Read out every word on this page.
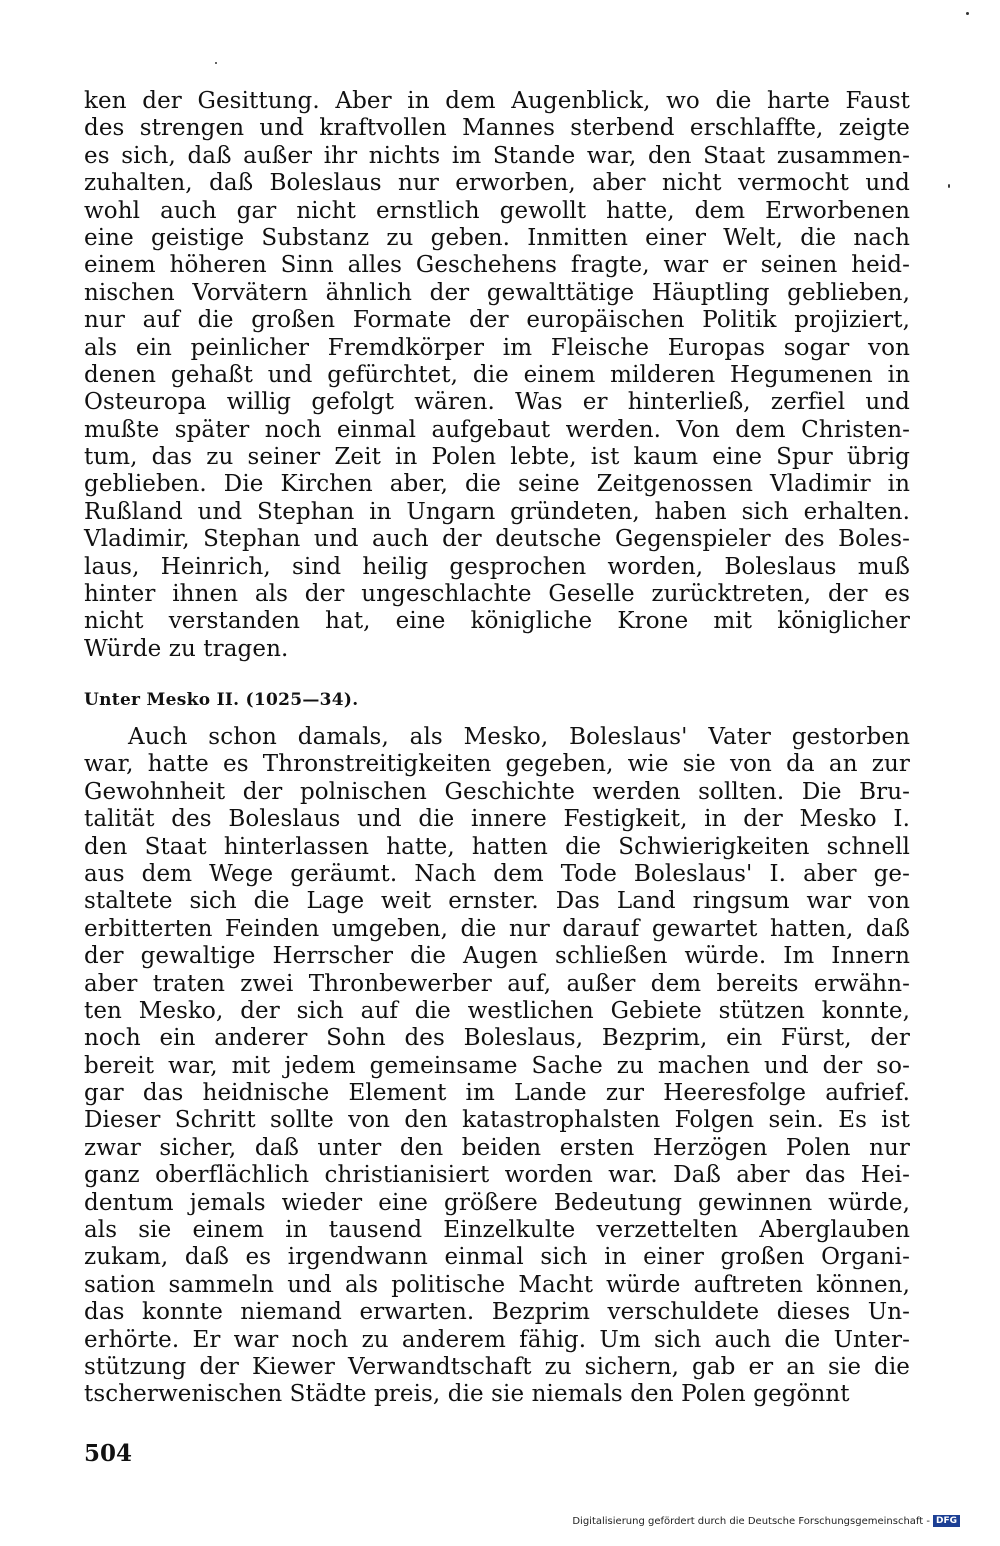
ken der Gesittung. Aber in dem Augenblick, wo die harte Faust
des strengen und kraftvollen Mannes sterbend erschlaffte, zeigte
es sich, daß außer ihr nichts im Stande war, den Staat zusammen-
zuhalten, daß Boleslaus nur erworben, aber nicht vermocht und
wohl auch gar nicht ernstlich gewollt hatte, dem Erworbenen
eine geistige Substanz zu geben. Inmitten einer Welt, die nach
einem höheren Sinn alles Geschehens fragte, war er seinen heid-
nischen Vorvätern ähnlich der gewalttätige Häuptling geblieben,
nur auf die großen Formate der europäischen Politik projiziert,
als ein peinlicher Fremdkörper im Fleische Europas sogar von
denen gehaßt und gefürchtet, die einem milderen Hegumenen in
Osteuropa willig gefolgt wären. Was er hinterließ, zerfiel und
mußte später noch einmal aufgebaut werden. Von dem Christen-
tum, das zu seiner Zeit in Polen lebte, ist kaum eine Spur übrig
geblieben. Die Kirchen aber, die seine Zeitgenossen Vladimir in
Rußland und Stephan in Ungarn gründeten, haben sich erhalten.
Vladimir, Stephan und auch der deutsche Gegenspieler des Boles-
laus, Heinrich, sind heilig gesprochen worden, Boleslaus muß
hinter ihnen als der ungeschlachte Geselle zurücktreten, der es
nicht verstanden hat, eine königliche Krone mit königlicher
Würde zu tragen.
Unter Mesko II. (1025—34).
Auch schon damals, als Mesko, Boleslaus' Vater gestorben
war, hatte es Thronstreitigkeiten gegeben, wie sie von da an zur
Gewohnheit der polnischen Geschichte werden sollten. Die Bru-
talität des Boleslaus und die innere Festigkeit, in der Mesko I.
den Staat hinterlassen hatte, hatten die Schwierigkeiten schnell
aus dem Wege geräumt. Nach dem Tode Boleslaus' I. aber ge-
staltete sich die Lage weit ernster. Das Land ringsum war von
erbitterten Feinden umgeben, die nur darauf gewartet hatten, daß
der gewaltige Herrscher die Augen schließen würde. Im Innern
aber traten zwei Thronbewerber auf, außer dem bereits erwähn-
ten Mesko, der sich auf die westlichen Gebiete stützen konnte,
noch ein anderer Sohn des Boleslaus, Bezprim, ein Fürst, der
bereit war, mit jedem gemeinsame Sache zu machen und der so-
gar das heidnische Element im Lande zur Heeresfolge aufrief.
Dieser Schritt sollte von den katastrophalsten Folgen sein. Es ist
zwar sicher, daß unter den beiden ersten Herzögen Polen nur
ganz oberflächlich christianisiert worden war. Daß aber das Hei-
dentum jemals wieder eine größere Bedeutung gewinnen würde,
als sie einem in tausend Einzelkulte verzettelten Aberglauben
zukam, daß es irgendwann einmal sich in einer großen Organi-
sation sammeln und als politische Macht würde auftreten können,
das konnte niemand erwarten. Bezprim verschuldete dieses Un-
erhörte. Er war noch zu anderem fähig. Um sich auch die Unter-
stützung der Kiewer Verwandtschaft zu sichern, gab er an sie die
tscherwenischen Städte preis, die sie niemals den Polen gegönnt
504
Digitalisierung gefördert durch die Deutsche Forschungsgemeinschaft - DFG
